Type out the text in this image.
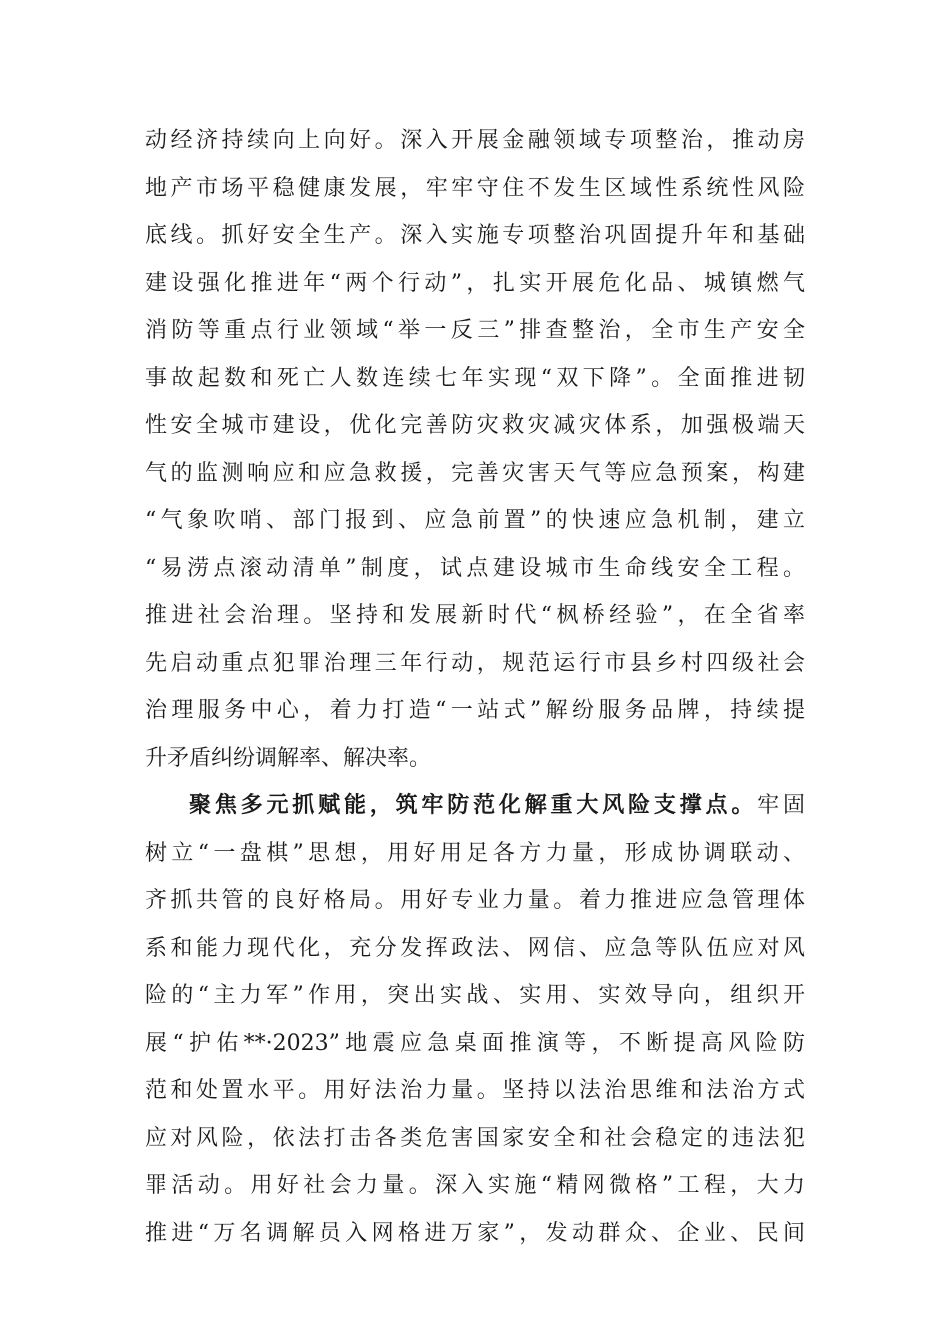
动经济持续向上向好。深入开展金融领域专项整治，推动房
地产市场平稳健康发展，牢牢守住不发生区域性系统性风险
底线。抓好安全生产。深入实施专项整治巩固提升年和基础
建设强化推进年“两个行动”，扎实开展危化品、城镇燃气
消防等重点行业领域“举一反三”排查整治，全市生产安全
事故起数和死亡人数连续七年实现“双下降”。全面推进韧
性安全城市建设，优化完善防灾救灾减灾体系，加强极端天
气的监测响应和应急救援，完善灾害天气等应急预案，构建
“气象吹哨、部门报到、应急前置”的快速应急机制，建立
“易涝点滚动清单”制度，试点建设城市生命线安全工程。
推进社会治理。坚持和发展新时代“枫桥经验”，在全省率
先启动重点犯罪治理三年行动，规范运行市县乡村四级社会
治理服务中心，着力打造“一站式”解纷服务品牌，持续提
升矛盾纠纷调解率、解决率。
聚焦多元抓赋能，筑牢防范化解重大风险支撑点。牢固
树立“一盘棋”思想，用好用足各方力量，形成协调联动、
齐抓共管的良好格局。用好专业力量。着力推进应急管理体
系和能力现代化，充分发挥政法、网信、应急等队伍应对风
险的“主力军”作用，突出实战、实用、实效导向，组织开
展“护佑**·2023”地震应急桌面推演等，不断提高风险防
范和处置水平。用好法治力量。坚持以法治思维和法治方式
应对风险，依法打击各类危害国家安全和社会稳定的违法犯
罪活动。用好社会力量。深入实施“精网微格”工程，大力
推进“万名调解员入网格进万家”，发动群众、企业、民间
